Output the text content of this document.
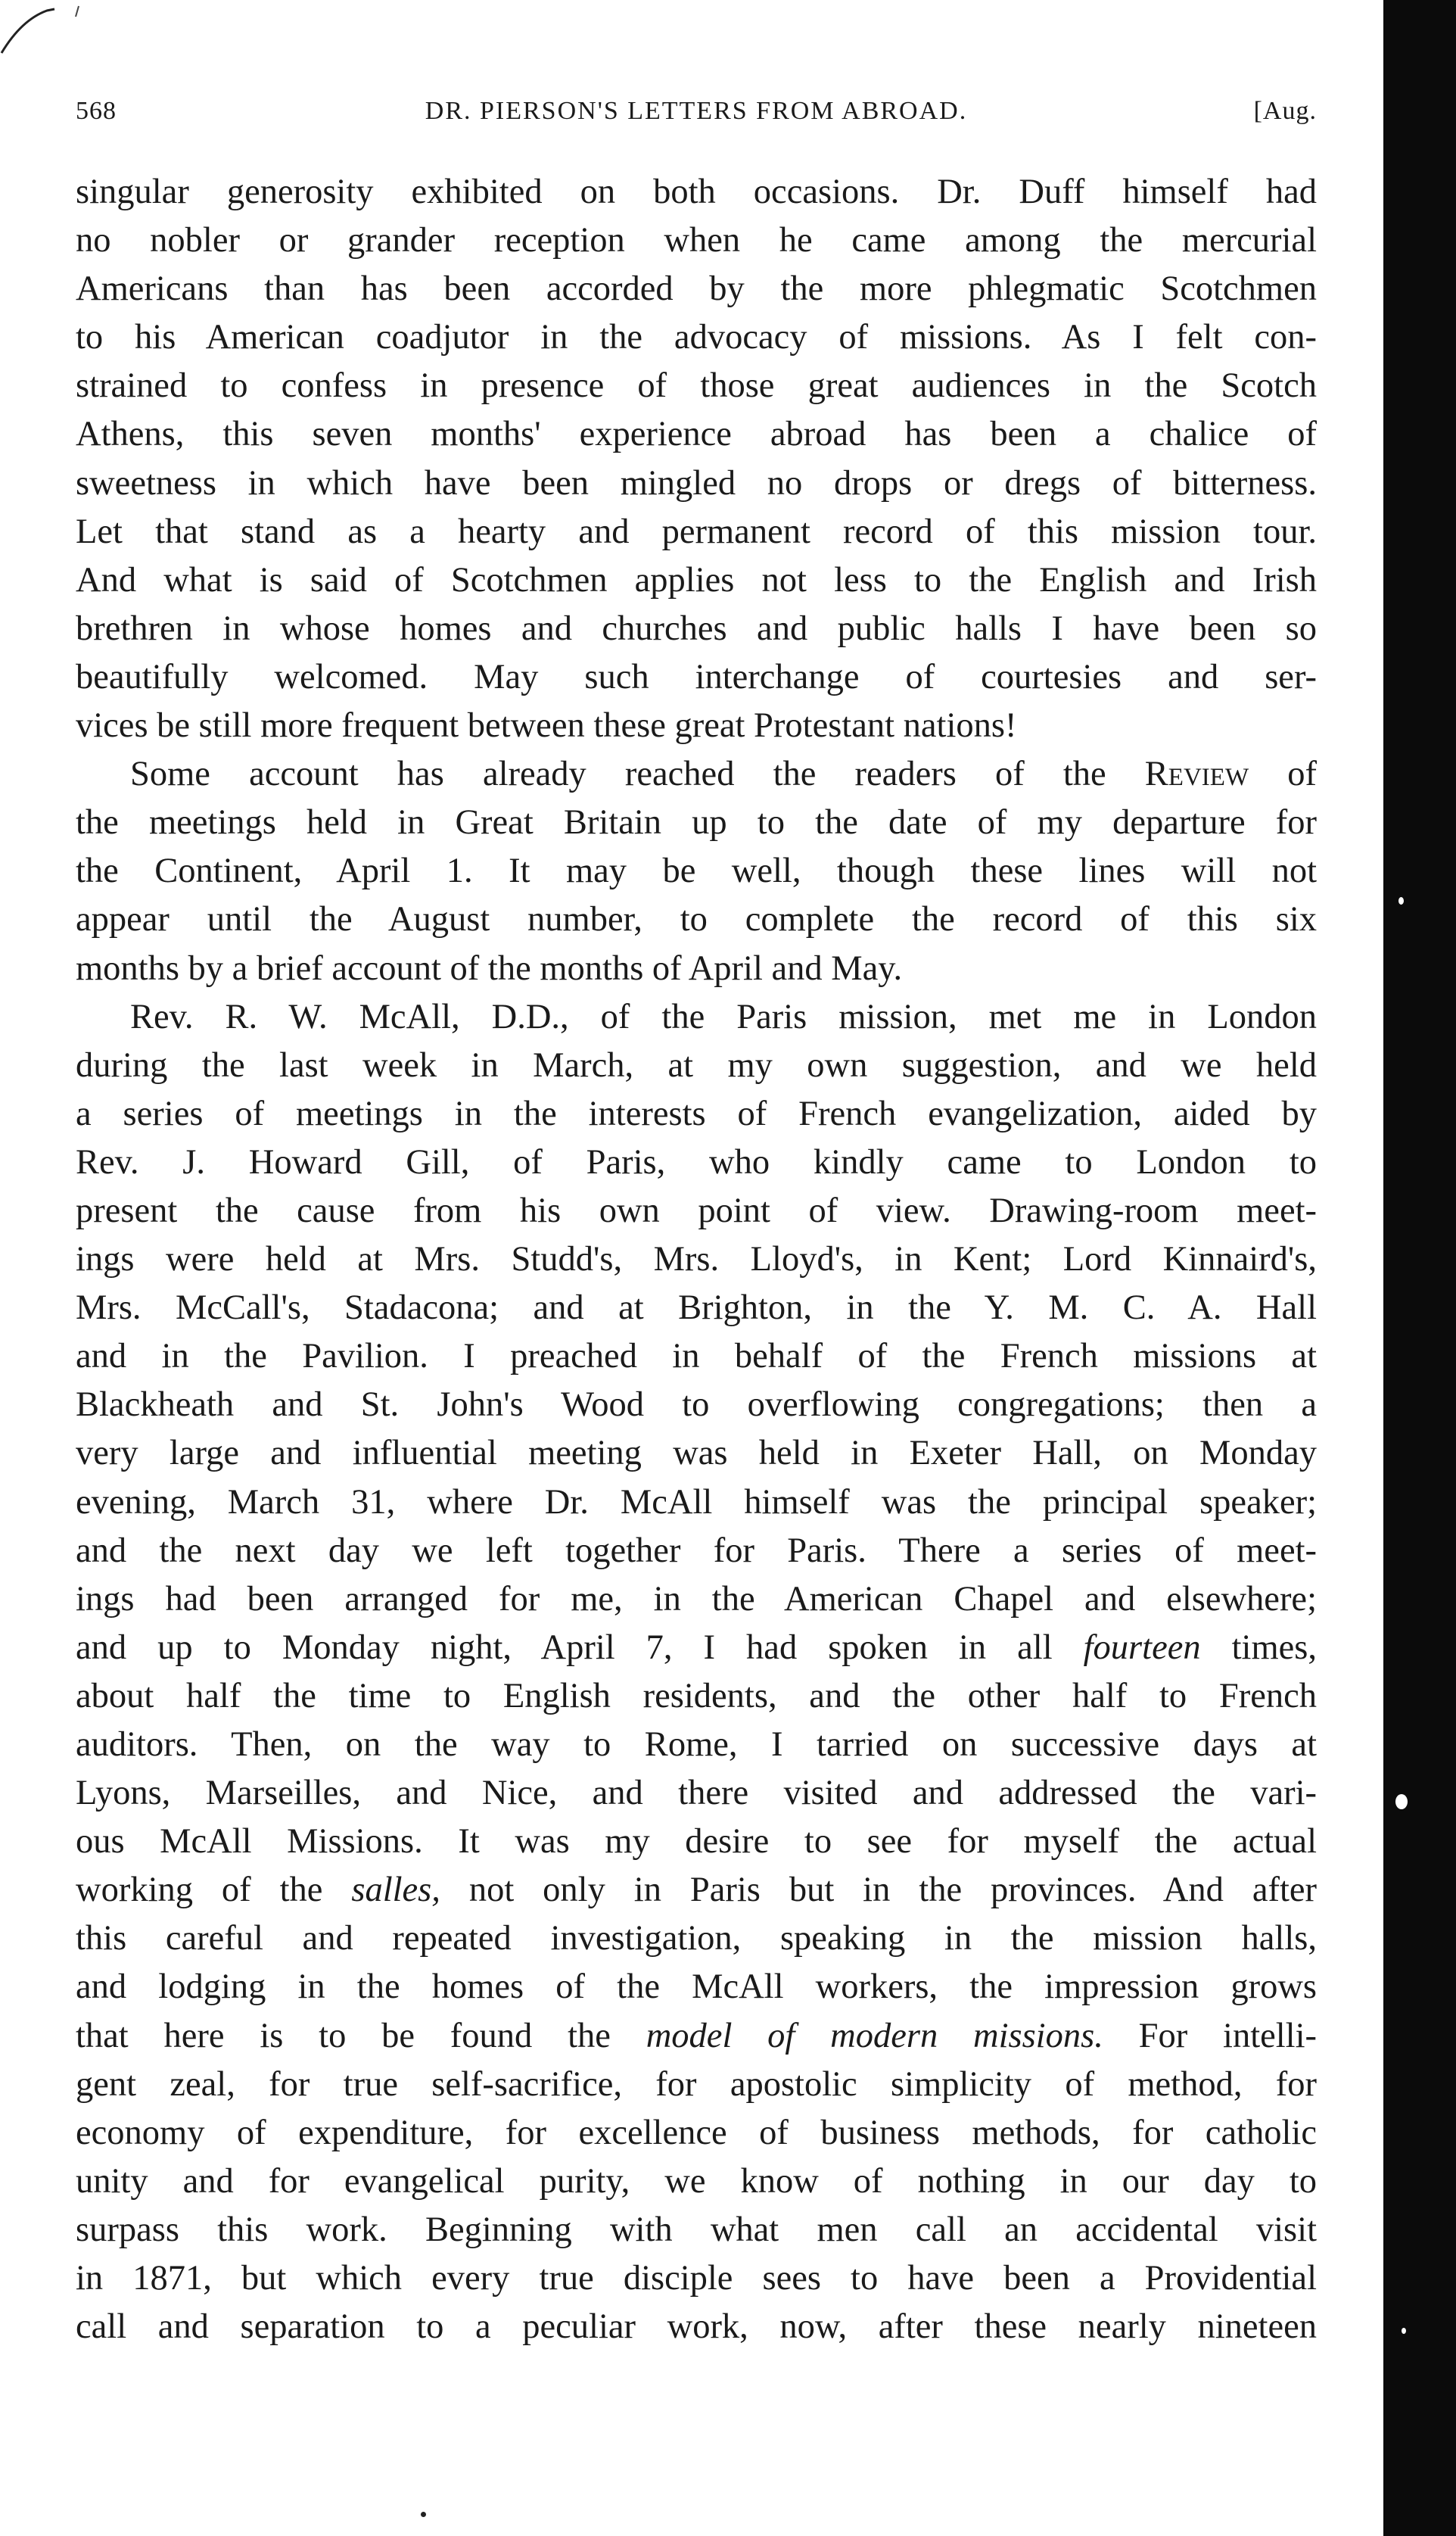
568	DR. PIERSON'S LETTERS FROM ABROAD.	[Aug.
singular generosity exhibited on both occasions. Dr. Duff himself had
no nobler or grander reception when he came among the mercurial
Americans than has been accorded by the more phlegmatic Scotchmen
to his American coadjutor in the advocacy of missions. As I felt con-
strained to confess in presence of those great audiences in the Scotch
Athens, this seven months' experience abroad has been a chalice of
sweetness in which have been mingled no drops or dregs of bitterness.
Let that stand as a hearty and permanent record of this mission tour.
And what is said of Scotchmen applies not less to the English and Irish
brethren in whose homes and churches and public halls I have been so
beautifully welcomed. May such interchange of courtesies and ser-
vices be still more frequent between these great Protestant nations!
Some account has already reached the readers of the Review of
the meetings held in Great Britain up to the date of my departure for
the Continent, April 1. It may be well, though these lines will not
appear until the August number, to complete the record of this six
months by a brief account of the months of April and May.
Rev. R. W. McAll, D.D., of the Paris mission, met me in London
during the last week in March, at my own suggestion, and we held
a series of meetings in the interests of French evangelization, aided by
Rev. J. Howard Gill, of Paris, who kindly came to London to
present the cause from his own point of view. Drawing-room meet-
ings were held at Mrs. Studd's, Mrs. Lloyd's, in Kent; Lord Kinnaird's,
Mrs. McCall's, Stadacona; and at Brighton, in the Y. M. C. A. Hall
and in the Pavilion. I preached in behalf of the French missions at
Blackheath and St. John's Wood to overflowing congregations; then a
very large and influential meeting was held in Exeter Hall, on Monday
evening, March 31, where Dr. McAll himself was the principal speaker;
and the next day we left together for Paris. There a series of meet-
ings had been arranged for me, in the American Chapel and elsewhere;
and up to Monday night, April 7, I had spoken in all fourteen times,
about half the time to English residents, and the other half to French
auditors. Then, on the way to Rome, I tarried on successive days at
Lyons, Marseilles, and Nice, and there visited and addressed the vari-
ous McAll Missions. It was my desire to see for myself the actual
working of the salles, not only in Paris but in the provinces. And after
this careful and repeated investigation, speaking in the mission halls,
and lodging in the homes of the McAll workers, the impression grows
that here is to be found the model of modern missions. For intelli-
gent zeal, for true self-sacrifice, for apostolic simplicity of method, for
economy of expenditure, for excellence of business methods, for catholic
unity and for evangelical purity, we know of nothing in our day to
surpass this work. Beginning with what men call an accidental visit
in 1871, but which every true disciple sees to have been a Providential
call and separation to a peculiar work, now, after these nearly nineteen
